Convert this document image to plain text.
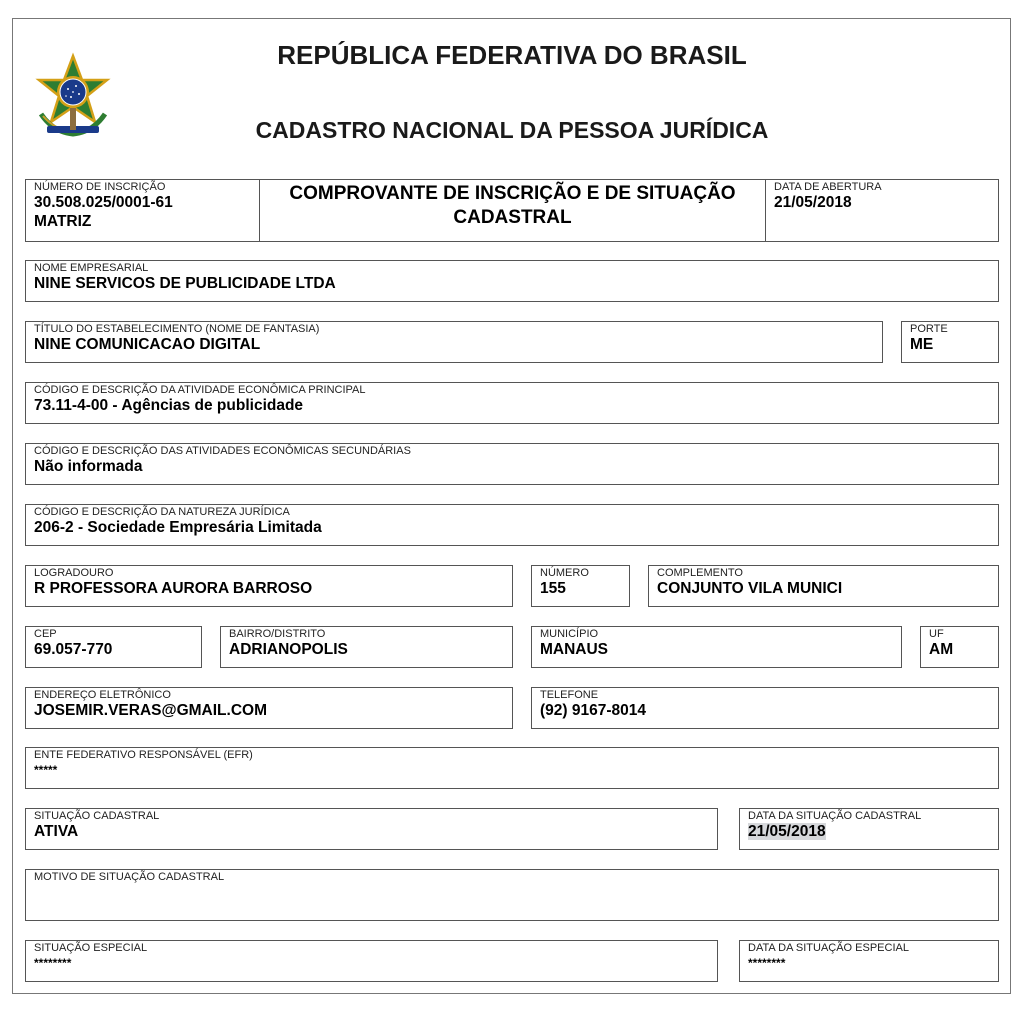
REPÚBLICA FEDERATIVA DO BRASIL
CADASTRO NACIONAL DA PESSOA JURÍDICA
NÚMERO DE INSCRIÇÃO
30.508.025/0001-61
MATRIZ
COMPROVANTE DE INSCRIÇÃO E DE SITUAÇÃO
CADASTRAL
DATA DE ABERTURA
21/05/2018
NOME EMPRESARIAL
NINE SERVICOS DE PUBLICIDADE LTDA
TÍTULO DO ESTABELECIMENTO (NOME DE FANTASIA)
NINE COMUNICACAO DIGITAL
PORTE
ME
CÓDIGO E DESCRIÇÃO DA ATIVIDADE ECONÔMICA PRINCIPAL
73.11-4-00 - Agências de publicidade
CÓDIGO E DESCRIÇÃO DAS ATIVIDADES ECONÔMICAS SECUNDÁRIAS
Não informada
CÓDIGO E DESCRIÇÃO DA NATUREZA JURÍDICA
206-2 - Sociedade Empresária Limitada
LOGRADOURO
R PROFESSORA AURORA BARROSO
NÚMERO
155
COMPLEMENTO
CONJUNTO VILA MUNICI
CEP
69.057-770
BAIRRO/DISTRITO
ADRIANOPOLIS
MUNICÍPIO
MANAUS
UF
AM
ENDEREÇO ELETRÔNICO
JOSEMIR.VERAS@GMAIL.COM
TELEFONE
(92) 9167-8014
ENTE FEDERATIVO RESPONSÁVEL (EFR)
*****
SITUAÇÃO CADASTRAL
ATIVA
DATA DA SITUAÇÃO CADASTRAL
21/05/2018
MOTIVO DE SITUAÇÃO CADASTRAL
SITUAÇÃO ESPECIAL
********
DATA DA SITUAÇÃO ESPECIAL
********
